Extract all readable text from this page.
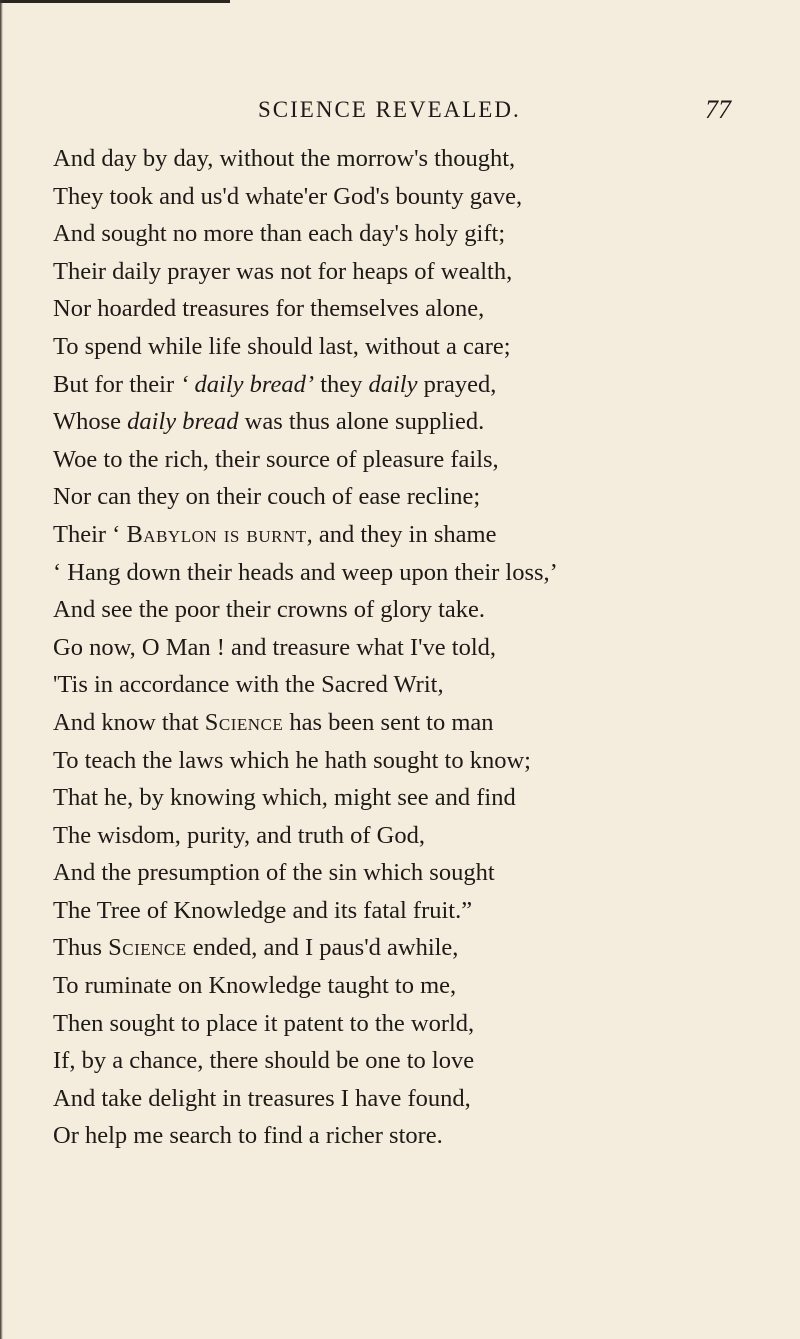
SCIENCE REVEALED.	77
And day by day, without the morrow's thought,
They took and us'd whate'er God's bounty gave,
And sought no more than each day's holy gift;
Their daily prayer was not for heaps of wealth,
Nor hoarded treasures for themselves alone,
To spend while life should last, without a care;
But for their ‘ daily bread’ they daily prayed,
Whose daily bread was thus alone supplied.
Woe to the rich, their source of pleasure fails,
Nor can they on their couch of ease recline;
Their ‘ Babylon is burnt, and they in shame
‘ Hang down their heads and weep upon their loss,’
And see the poor their crowns of glory take.
Go now, O Man ! and treasure what I've told,
'Tis in accordance with the Sacred Writ,
And know that Science has been sent to man
To teach the laws which he hath sought to know;
That he, by knowing which, might see and find
The wisdom, purity, and truth of God,
And the presumption of the sin which sought
The Tree of Knowledge and its fatal fruit.”
Thus Science ended, and I paus'd awhile,
To ruminate on Knowledge taught to me,
Then sought to place it patent to the world,
If, by a chance, there should be one to love
And take delight in treasures I have found,
Or help me search to find a richer store.
